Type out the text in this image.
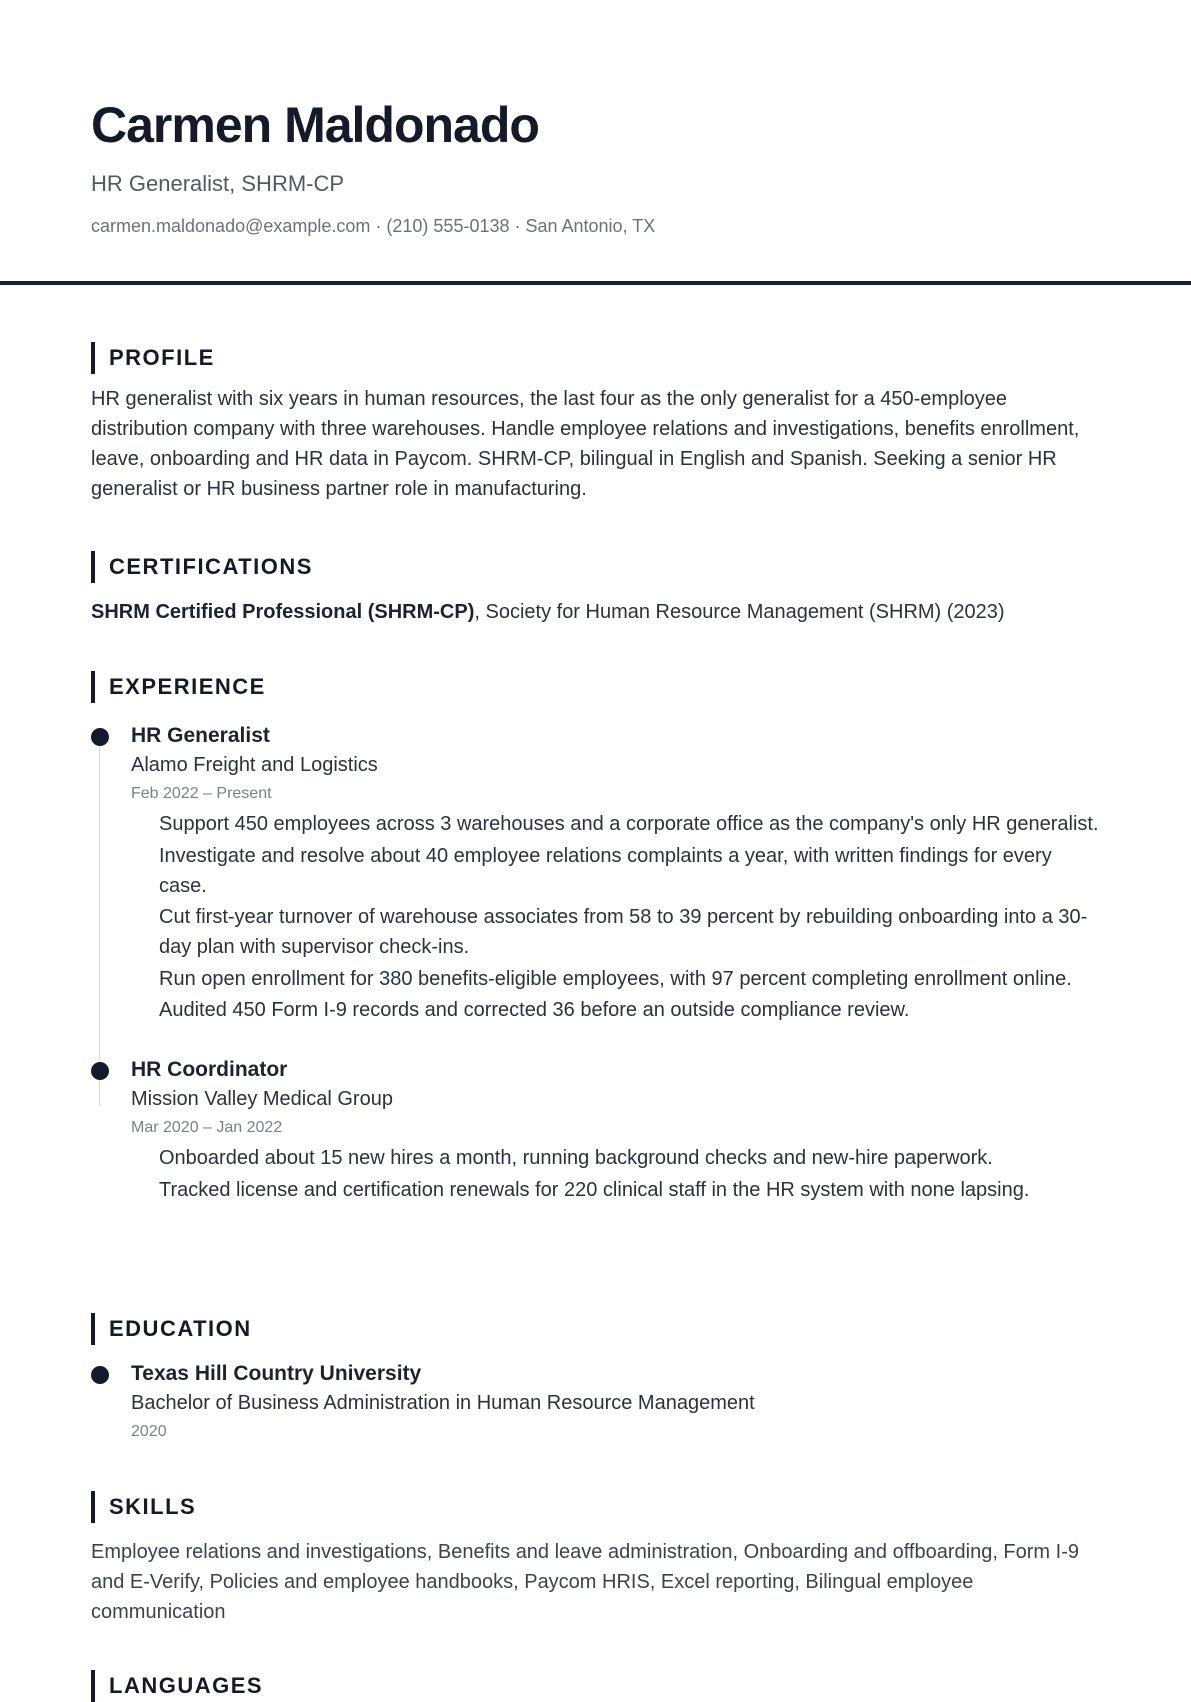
Carmen Maldonado
HR Generalist, SHRM-CP
carmen.maldonado@example.com · (210) 555-0138 · San Antonio, TX
PROFILE
HR generalist with six years in human resources, the last four as the only generalist for a 450-employee distribution company with three warehouses. Handle employee relations and investigations, benefits enrollment, leave, onboarding and HR data in Paycom. SHRM-CP, bilingual in English and Spanish. Seeking a senior HR generalist or HR business partner role in manufacturing.
CERTIFICATIONS
SHRM Certified Professional (SHRM-CP), Society for Human Resource Management (SHRM) (2023)
EXPERIENCE
HR Generalist
Alamo Freight and Logistics
Feb 2022 – Present
Support 450 employees across 3 warehouses and a corporate office as the company's only HR generalist.
Investigate and resolve about 40 employee relations complaints a year, with written findings for every case.
Cut first-year turnover of warehouse associates from 58 to 39 percent by rebuilding onboarding into a 30-day plan with supervisor check-ins.
Run open enrollment for 380 benefits-eligible employees, with 97 percent completing enrollment online.
Audited 450 Form I-9 records and corrected 36 before an outside compliance review.
HR Coordinator
Mission Valley Medical Group
Mar 2020 – Jan 2022
Onboarded about 15 new hires a month, running background checks and new-hire paperwork.
Tracked license and certification renewals for 220 clinical staff in the HR system with none lapsing.
EDUCATION
Texas Hill Country University
Bachelor of Business Administration in Human Resource Management
2020
SKILLS
Employee relations and investigations, Benefits and leave administration, Onboarding and offboarding, Form I-9 and E-Verify, Policies and employee handbooks, Paycom HRIS, Excel reporting, Bilingual employee communication
LANGUAGES
